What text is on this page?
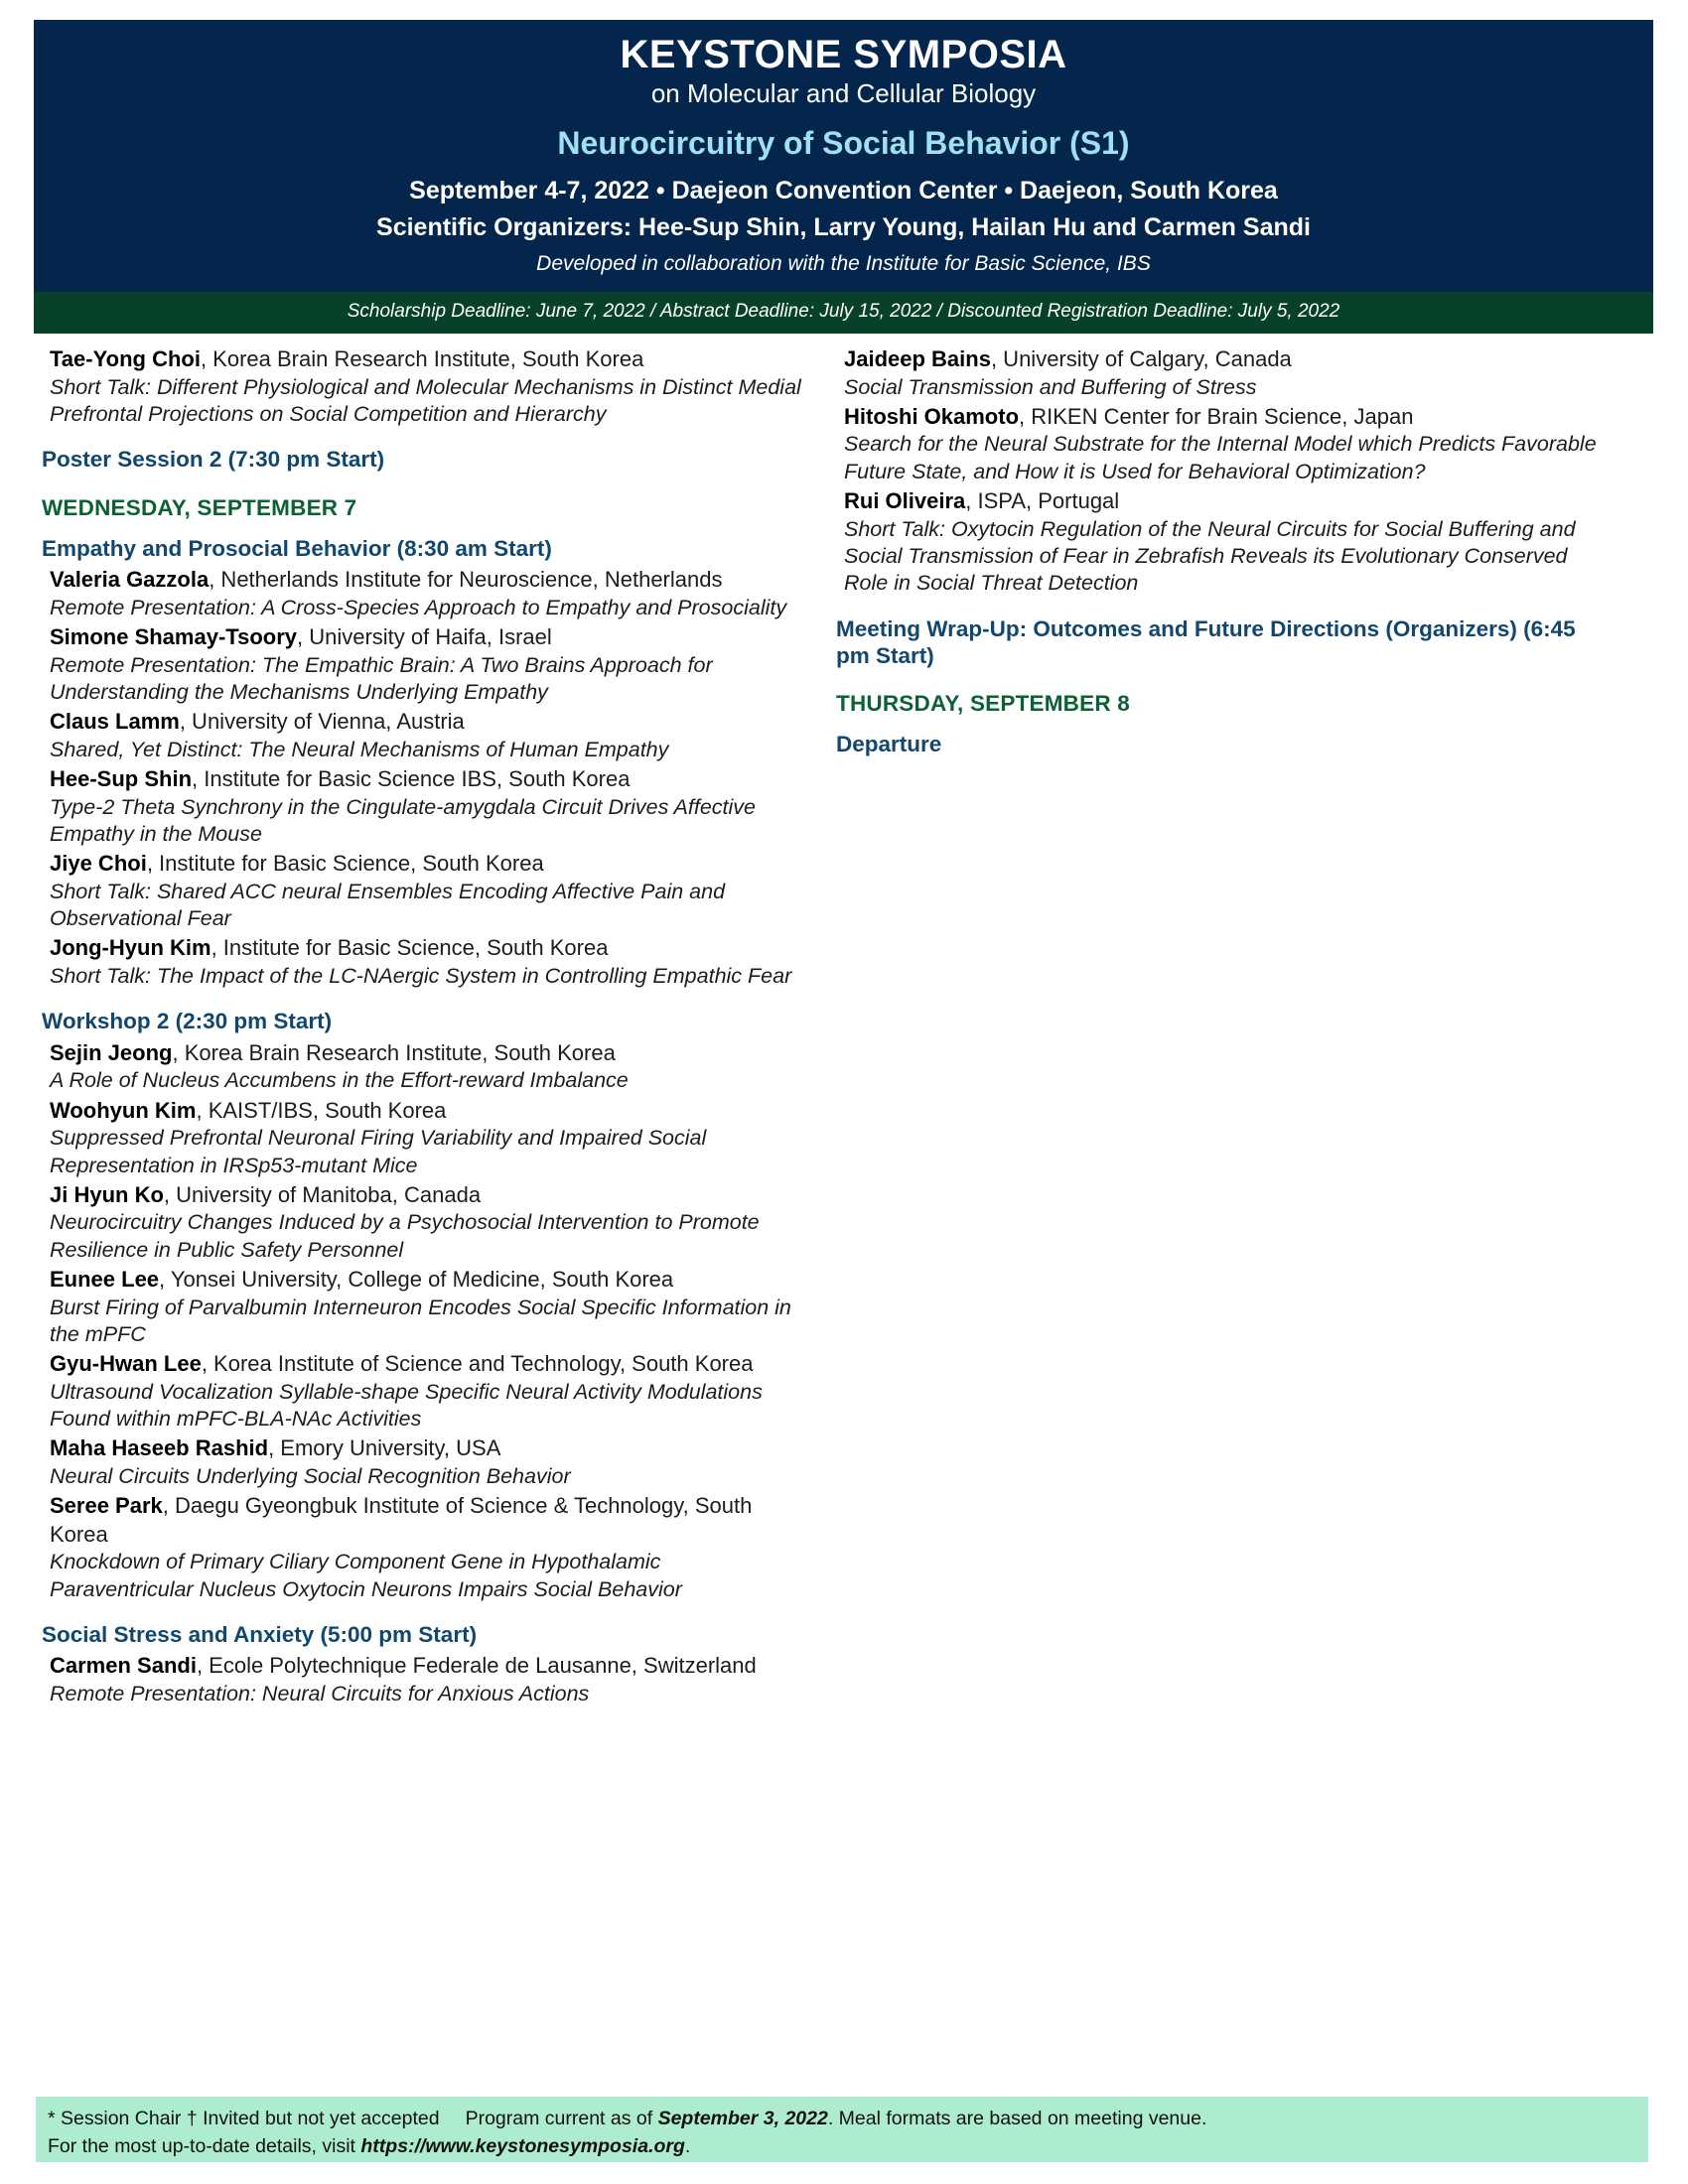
KEYSTONE SYMPOSIA
on Molecular and Cellular Biology
Neurocircuitry of Social Behavior (S1)
September 4-7, 2022 • Daejeon Convention Center • Daejeon, South Korea
Scientific Organizers: Hee-Sup Shin, Larry Young, Hailan Hu and Carmen Sandi
Developed in collaboration with the Institute for Basic Science, IBS
Scholarship Deadline: June 7, 2022 / Abstract Deadline: July 15, 2022 / Discounted Registration Deadline: July 5, 2022
Tae-Yong Choi, Korea Brain Research Institute, South Korea
Short Talk: Different Physiological and Molecular Mechanisms in Distinct Medial Prefrontal Projections on Social Competition and Hierarchy
Poster Session 2 (7:30 pm Start)
WEDNESDAY, SEPTEMBER 7
Empathy and Prosocial Behavior (8:30 am Start)
Valeria Gazzola, Netherlands Institute for Neuroscience, Netherlands
Remote Presentation: A Cross-Species Approach to Empathy and Prosociality
Simone Shamay-Tsoory, University of Haifa, Israel
Remote Presentation: The Empathic Brain: A Two Brains Approach for Understanding the Mechanisms Underlying Empathy
Claus Lamm, University of Vienna, Austria
Shared, Yet Distinct: The Neural Mechanisms of Human Empathy
Hee-Sup Shin, Institute for Basic Science IBS, South Korea
Type-2 Theta Synchrony in the Cingulate-amygdala Circuit Drives Affective Empathy in the Mouse
Jiye Choi, Institute for Basic Science, South Korea
Short Talk: Shared ACC neural Ensembles Encoding Affective Pain and Observational Fear
Jong-Hyun Kim, Institute for Basic Science, South Korea
Short Talk: The Impact of the LC-NAergic System in Controlling Empathic Fear
Workshop 2 (2:30 pm Start)
Sejin Jeong, Korea Brain Research Institute, South Korea
A Role of Nucleus Accumbens in the Effort-reward Imbalance
Woohyun Kim, KAIST/IBS, South Korea
Suppressed Prefrontal Neuronal Firing Variability and Impaired Social Representation in IRSp53-mutant Mice
Ji Hyun Ko, University of Manitoba, Canada
Neurocircuitry Changes Induced by a Psychosocial Intervention to Promote Resilience in Public Safety Personnel
Eunee Lee, Yonsei University, College of Medicine, South Korea
Burst Firing of Parvalbumin Interneuron Encodes Social Specific Information in the mPFC
Gyu-Hwan Lee, Korea Institute of Science and Technology, South Korea
Ultrasound Vocalization Syllable-shape Specific Neural Activity Modulations Found within mPFC-BLA-NAc Activities
Maha Haseeb Rashid, Emory University, USA
Neural Circuits Underlying Social Recognition Behavior
Seree Park, Daegu Gyeongbuk Institute of Science & Technology, South Korea
Knockdown of Primary Ciliary Component Gene in Hypothalamic Paraventricular Nucleus Oxytocin Neurons Impairs Social Behavior
Social Stress and Anxiety (5:00 pm Start)
Carmen Sandi, Ecole Polytechnique Federale de Lausanne, Switzerland
Remote Presentation: Neural Circuits for Anxious Actions
Jaideep Bains, University of Calgary, Canada
Social Transmission and Buffering of Stress
Hitoshi Okamoto, RIKEN Center for Brain Science, Japan
Search for the Neural Substrate for the Internal Model which Predicts Favorable Future State, and How it is Used for Behavioral Optimization?
Rui Oliveira, ISPA, Portugal
Short Talk: Oxytocin Regulation of the Neural Circuits for Social Buffering and Social Transmission of Fear in Zebrafish Reveals its Evolutionary Conserved Role in Social Threat Detection
Meeting Wrap-Up: Outcomes and Future Directions (Organizers) (6:45 pm Start)
THURSDAY, SEPTEMBER 8
Departure
* Session Chair † Invited but not yet accepted Program current as of September 3, 2022. Meal formats are based on meeting venue.
For the most up-to-date details, visit https://www.keystonesymposia.org.
